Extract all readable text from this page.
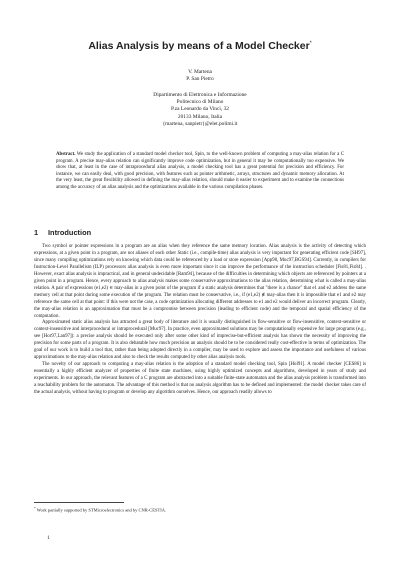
Alias Analysis by means of a Model Checker*
V. Martena
P. San Pietro
Dipartimento di Elettronica e Informazione
Politecnico di Milano
P.za Leonardo da Vinci, 32
20133 Milano, Italia
{martena, sanpietr}@elet.polimi.it
Abstract. We study the application of a standard model checker tool, Spin, to the well-known problem of computing a may-alias relation for a C program. A precise may-alias relation can significantly improve code optimization, but in general it may be computationally too expensive. We show that, at least in the case of intraprocedural alias analysis, a model checking tool has a great potential for precision and efficiency. For instance, we can easily deal, with good precision, with features such as pointer arithmetic, arrays, structures and dynamic memory allocation. At the very least, the great flexibility allowed in defining the may-alias relation, should make it easier to experiment and to examine the connections among the accuracy of an alias analysis and the optimizations available in the various compilation phases.
1 Introduction

Two symbol or pointer expressions in a program are an alias when they reference the same memory location. Alias analysis is the activity of detecting which expressions, at a given point in a program, are not aliases of each other Static (i.e., compile-time) alias analysis is very important for generating efficient code [SH97], since many compiling optimizations rely on knowing which data could be referenced by a load or store expression [App98, Muc97,BGS94]. Currently, in compilers for Instruction-Level Parallelism (ILP) processors alias analysis is even more important since it can improve the performance of the instruction scheduler [Fis81,Fis84]. . However, exact alias analysis is impractical, and in general undecidable [Ram94], because of the difficulties in determining which objects are referenced by pointers at a given point in a program. Hence, every approach to alias analysis makes some conservative approximations to the alias relation, determining what is called a may-alias relation. A pair of expressions (e1,e2) ∈ may-alias in a given point of the program if a static analysis determines that "there is a chance" that e1 and e2 address the same memory cell at that point during some execution of the program. The relation must be conservative, i.e., if (e1,e2) ∉ may-alias then it is impossible that e1 and e2 may reference the same cell at that point: if this were not the case, a code optimization allocating different addresses to e1 and e2 would deliver an incorrect program. Clearly, the may-alias relation is an approximation that must be a compromise between precision (leading to efficient code) and the temporal and spatial efficiency of the computation.

Approximated static alias analysis has attracted a great body of literature and it is usually distinguished in flow-sensitive or flow-insensitive, context-sensitive or context-insensitive and interprocedural or intraprocedural [Muc97]. In practice, even approximated solutions may be computationally expensive for large programs (e.g., see [Hor97,Lan97]): a precise analysis should be executed only after some other kind of imprecise-but-efficient analysis has shown the necessity of improving the precision for some parts of a program. It is also debatable how much precision an analysis should be to be considered really cost-effective in terms of optimization. The goal of our work is to build a tool that, rather than being adopted directly in a compiler, may be used to explore and assess the importance and usefulness of various approximations to the may-alias relation and also to check the results computed by other alias analysis tools.

The novelty of our approach to computing a may-alias relation is the adoption of a standard model checking tool, Spin [Hol91]. A model checker [CES86] is essentially a highly efficient analyzer of properties of finite state machines, using highly optimized concepts and algorithms, developed in years of study and experiments. In our approach, the relevant features of a C program are abstracted into a suitable finite-state automaton and the alias analysis problem is transformed into a reachability problem for the automaton. The advantage of this method is that no analysis algorithm has to be defined and implemented: the model checker takes care of the actual analysis, without having to program or develop any algorithm ourselves. Hence, our approach readily allows to

* Work partially supported by STMicroelectronics and by CNR-CESTIA.
1
